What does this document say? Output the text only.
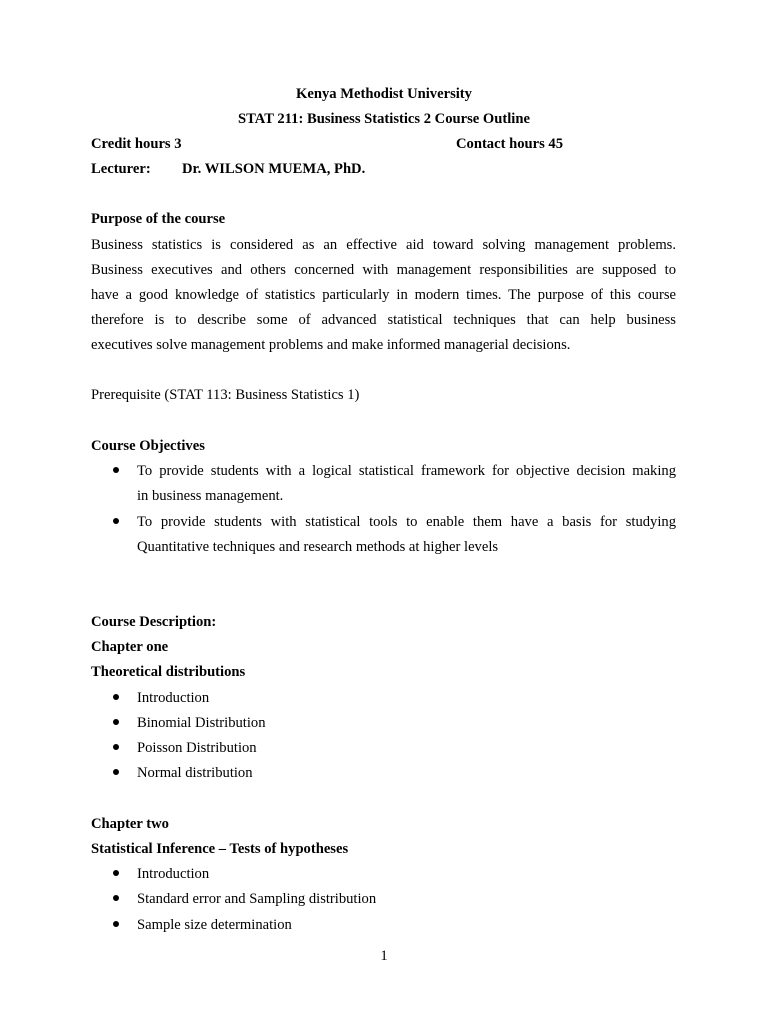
Kenya Methodist University
STAT 211: Business Statistics 2 Course Outline
Credit hours 3	Contact hours 45
Lecturer: Dr. WILSON MUEMA, PhD.
Purpose of the course
Business statistics is considered as an effective aid toward solving management problems.
Business executives and others concerned with management responsibilities are supposed to
have a good knowledge of statistics particularly in modern times. The purpose of this course
therefore is to describe some of advanced statistical techniques that can help business
executives solve management problems and make informed managerial decisions.
Prerequisite (STAT 113: Business Statistics 1)
Course Objectives
To provide students with a logical statistical framework for objective decision making
in business management.
To provide students with statistical tools to enable them have a basis for studying
Quantitative techniques and research methods at higher levels
Course Description:
Chapter one
Theoretical distributions
Introduction
Binomial Distribution
Poisson Distribution
Normal distribution
Chapter two
Statistical Inference – Tests of hypotheses
Introduction
Standard error and Sampling distribution
Sample size determination
1
